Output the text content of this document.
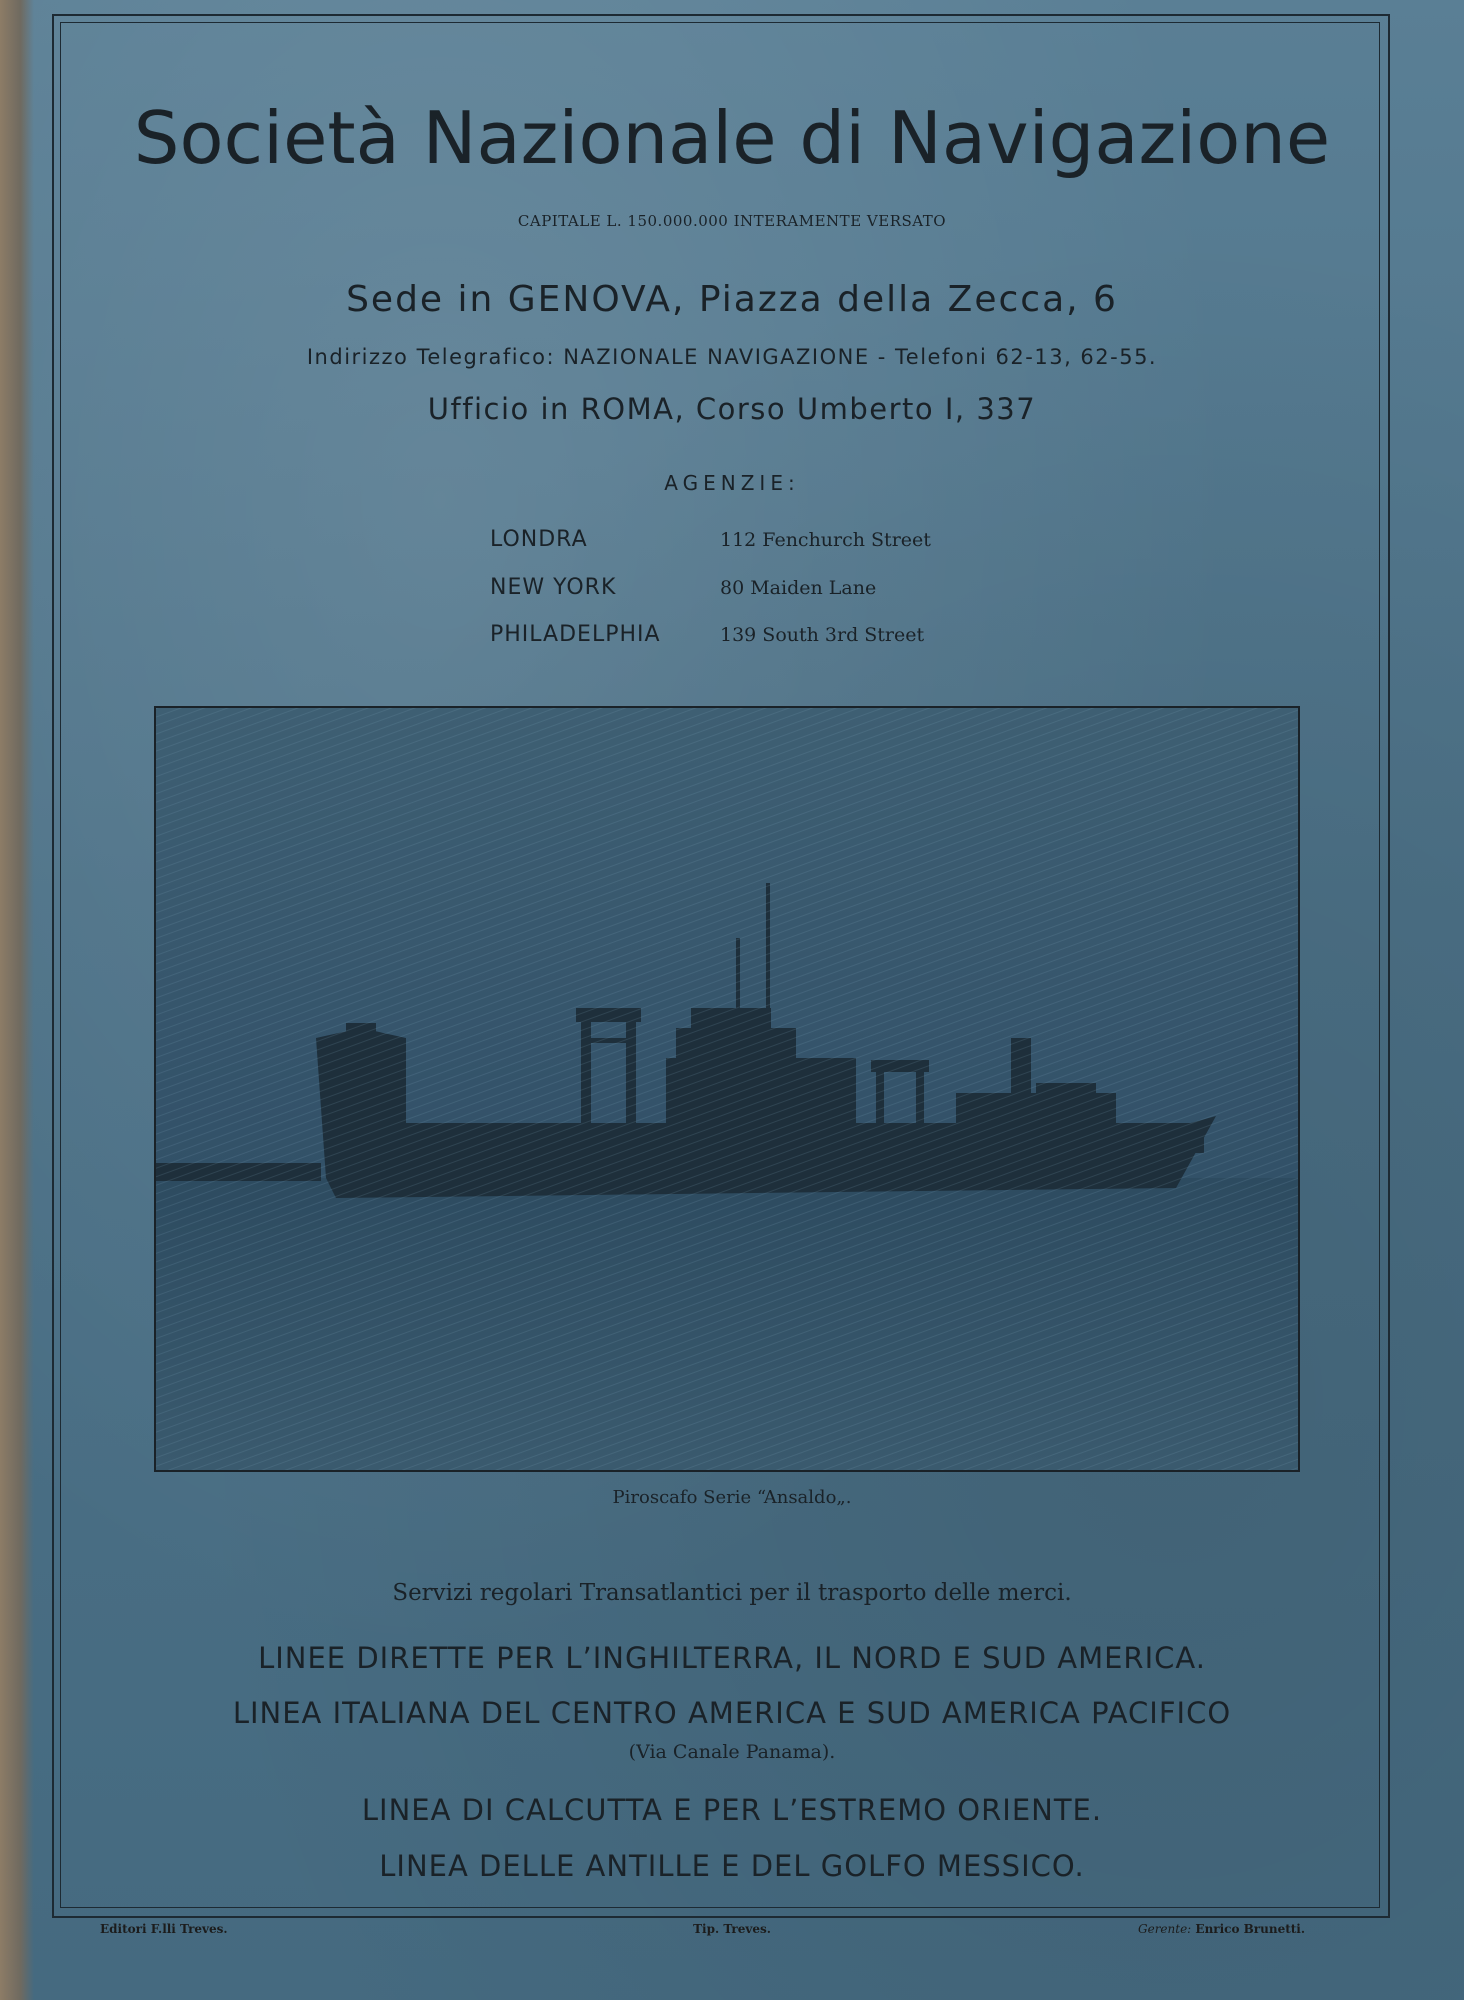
Società Nazionale di Navigazione
CAPITALE L. 150.000.000 INTERAMENTE VERSATO
Sede in GENOVA, Piazza della Zecca, 6
Indirizzo Telegrafico: NAZIONALE NAVIGAZIONE - Telefoni 62-13, 62-55.
Ufficio in ROMA, Corso Umberto I, 337
AGENZIE:
LONDRA	112 Fenchurch Street
NEW YORK	80 Maiden Lane
PHILADELPHIA	139 South 3rd Street
Piroscafo Serie “Ansaldo„.
Servizi regolari Transatlantici per il trasporto delle merci.
LINEE DIRETTE PER L’INGHILTERRA, IL NORD E SUD AMERICA.
LINEA ITALIANA DEL CENTRO AMERICA E SUD AMERICA PACIFICO
(Via Canale Panama).
LINEA DI CALCUTTA E PER L’ESTREMO ORIENTE.
LINEA DELLE ANTILLE E DEL GOLFO MESSICO.
Editori F.lli Treves.	Tip. Treves.	Gerente: Enrico Brunetti.
